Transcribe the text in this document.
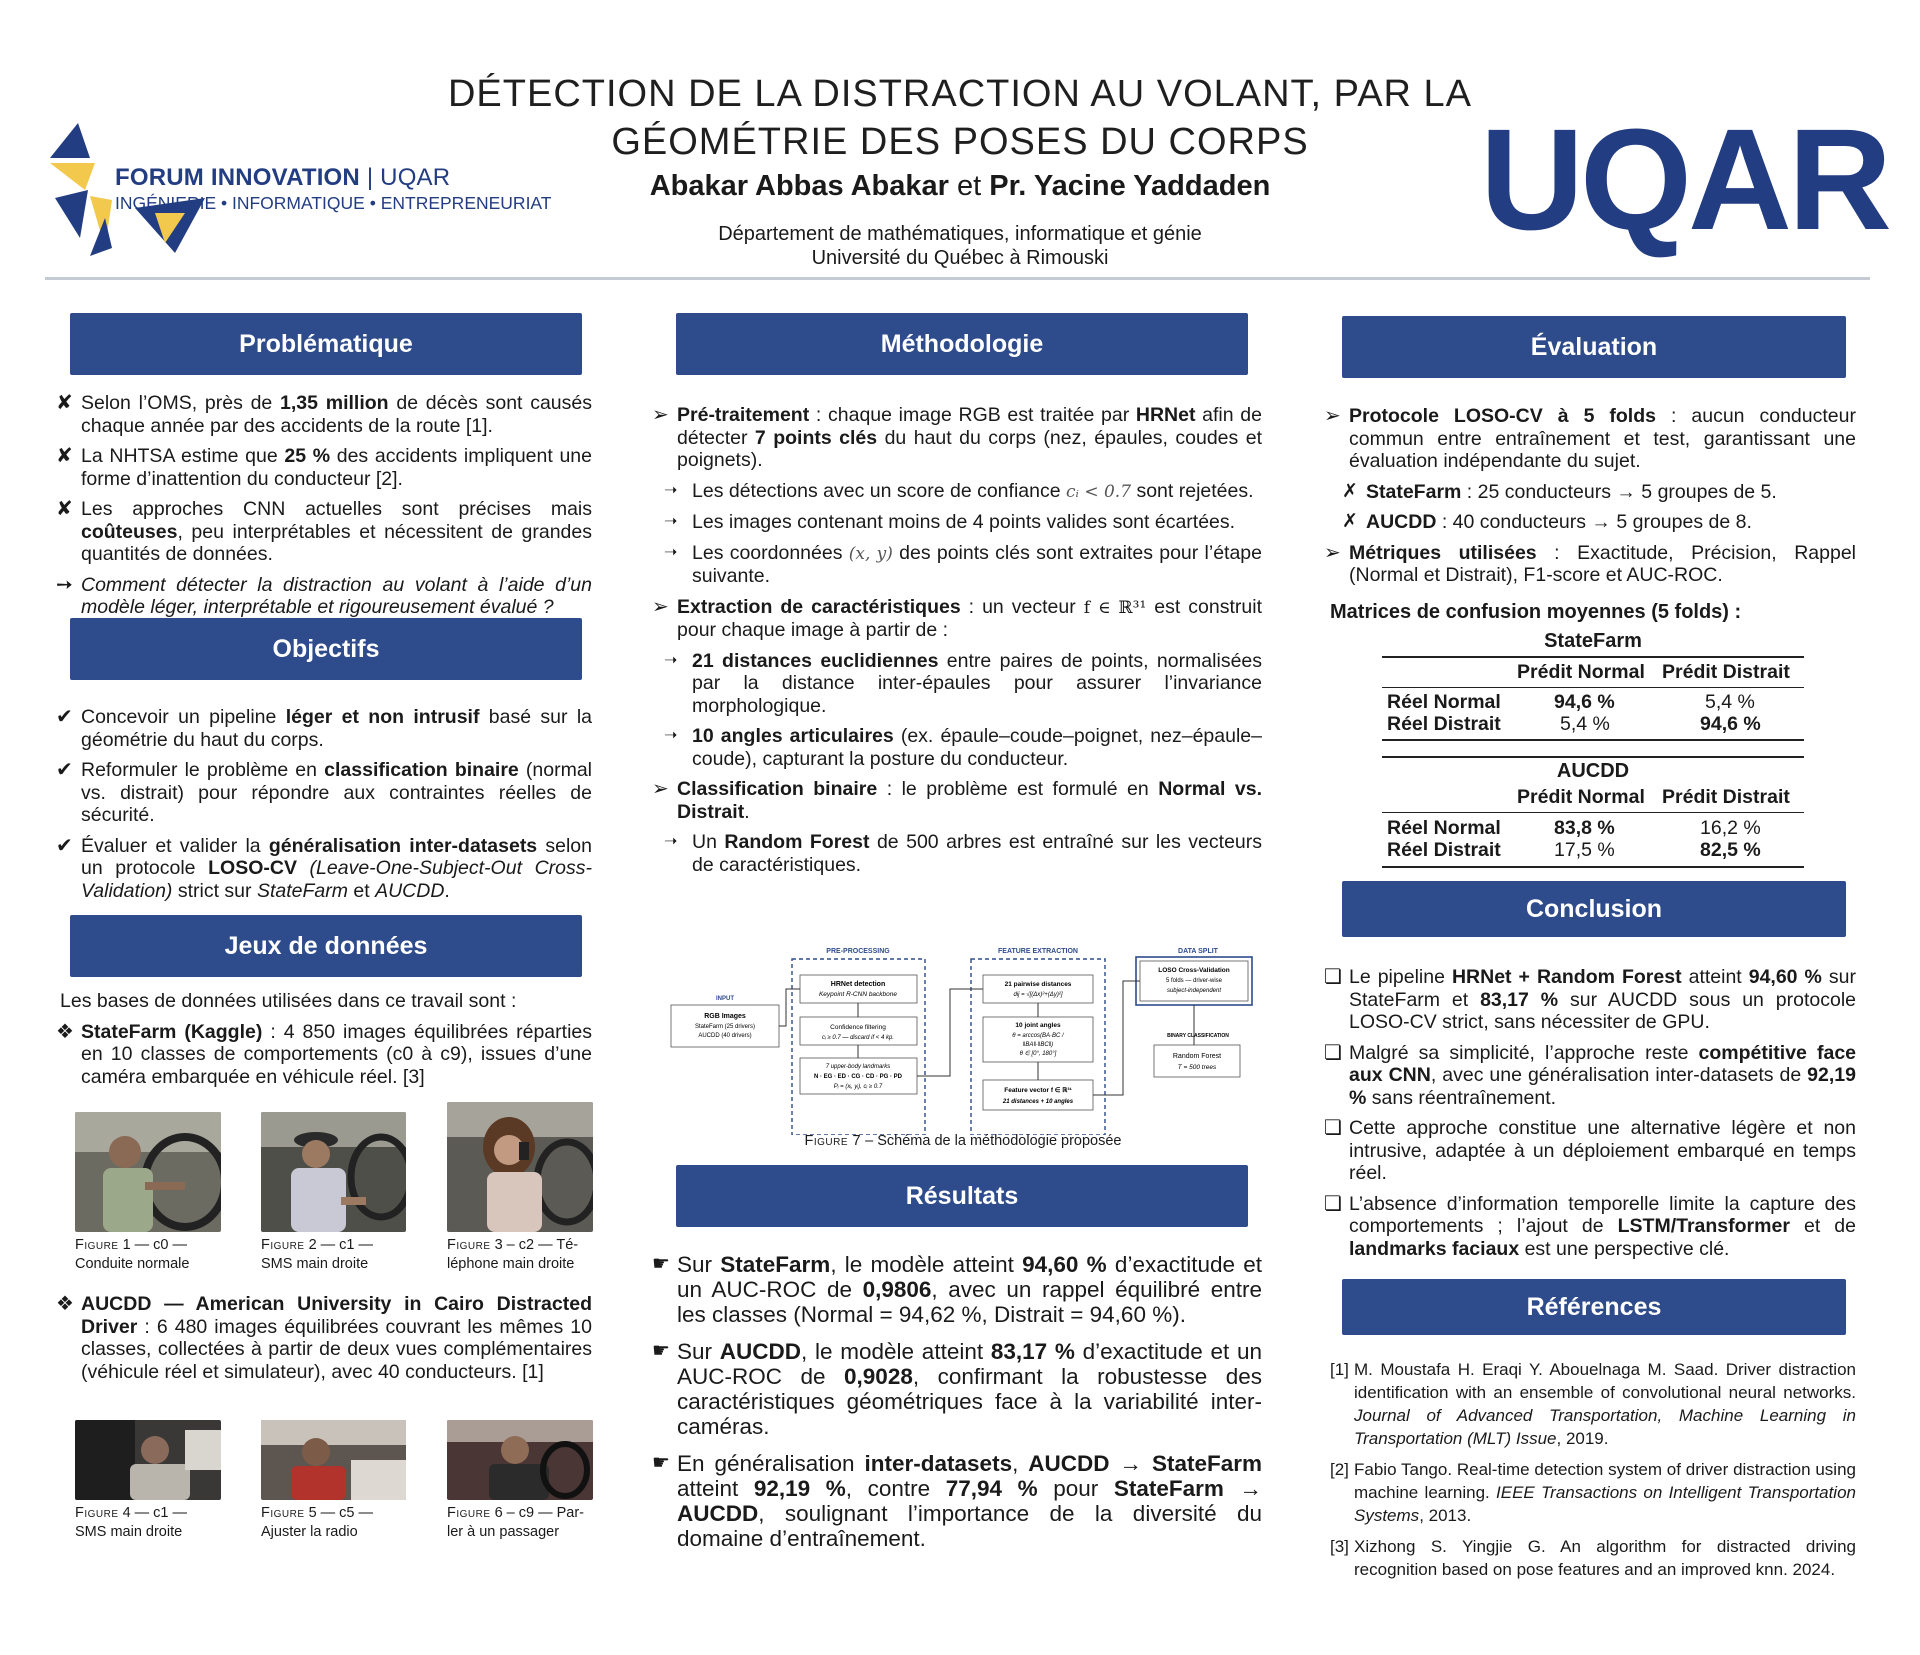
FORUM INNOVATION | UQAR
INGÉNIERIE • INFORMATIQUE • ENTREPRENEURIAT
DÉTECTION DE LA DISTRACTION AU VOLANT, PAR LA
GÉOMÉTRIE DES POSES DU CORPS
Abakar Abbas Abakar et Pr. Yacine Yaddaden
Département de mathématiques, informatique et génie
Université du Québec à Rimouski	UQAR
Problématique
✘ Selon l’OMS, près de 1,35 million de décès sont causés chaque année par des accidents de la route [1].
✘ La NHTSA estime que 25 % des accidents impliquent une forme d’inattention du conducteur [2].
✘ Les approches CNN actuelles sont précises mais coûteuses, peu interprétables et nécessitent de grandes quantités de données.
➙ Comment détecter la distraction au volant à l’aide d’un modèle léger, interprétable et rigoureusement évalué ?
Objectifs
✔ Concevoir un pipeline léger et non intrusif basé sur la géométrie du haut du corps.
✔ Reformuler le problème en classification binaire (normal vs. distrait) pour répondre aux contraintes réelles de sécurité.
✔ Évaluer et valider la généralisation inter-datasets selon un protocole LOSO-CV (Leave-One-Subject-Out Cross-Validation) strict sur StateFarm et AUCDD.
Jeux de données
Les bases de données utilisées dans ce travail sont :
❖ StateFarm (Kaggle) : 4 850 images équilibrées réparties en 10 classes de comportements (c0 à c9), issues d’une caméra embarquée en véhicule réel. [3]
Figure 1 — c0 —
Conduite normale
Figure 2 — c1 —
SMS main droite
Figure 3 – c2 — Té-
léphone main droite
❖ AUCDD — American University in Cairo Distracted Driver : 6 480 images équilibrées couvrant les mêmes 10 classes, collectées à partir de deux vues complémentaires (véhicule réel et simulateur), avec 40 conducteurs. [1]
Figure 4 — c1 —
SMS main droite
Figure 5 — c5 —
Ajuster la radio
Figure 6 – c9 — Par-
ler à un passager
Méthodologie
➢ Pré-traitement : chaque image RGB est traitée par HRNet afin de détecter 7 points clés du haut du corps (nez, épaules, coudes et poignets).
➝ Les détections avec un score de confiance cᵢ < 0.7 sont rejetées.
➝ Les images contenant moins de 4 points valides sont écartées.
➝ Les coordonnées (x, y) des points clés sont extraites pour l’étape suivante.
➢ Extraction de caractéristiques : un vecteur f ∈ ℝ³¹ est construit pour chaque image à partir de :
➝ 21 distances euclidiennes entre paires de points, normalisées par la distance inter-épaules pour assurer l’invariance morphologique.
➝ 10 angles articulaires (ex. épaule–coude–poignet, nez–épaule–coude), capturant la posture du conducteur.
➢ Classification binaire : le problème est formulé en Normal vs. Distrait.
➝ Un Random Forest de 500 arbres est entraîné sur les vecteurs de caractéristiques.
PRE-PROCESSING	FEATURE EXTRACTION	DATA SPLIT
INPUT
RGB Images
StateFarm (25 drivers)
AUCDD (40 drivers)
HRNet detection
Keypoint R-CNN backbone
Confidence filtering
cᵢ ≥ 0.7 — discard if < 4 kp.
7 upper-body landmarks
N · EG · ED · CG · CD · PG · PD
Pᵢ = (xᵢ, yᵢ), cᵢ ≥ 0.7
21 pairwise distances
dij = √[(Δx)²+(Δy)²]
10 joint angles
θ = arccos(BA·BC /
‖BA‖·‖BC‖)
θ ∈ [0°, 180°]
Feature vector f ∈ ℝ³¹
21 distances + 10 angles
LOSO Cross-Validation
5 folds — driver-wise
subject-independent
BINARY CLASSIFICATION
Random Forest
T = 500 trees
Figure 7 – Schéma de la méthodologie proposée
Résultats
☛ Sur StateFarm, le modèle atteint 94,60 % d’exactitude et un AUC-ROC de 0,9806, avec un rappel équilibré entre les classes (Normal = 94,62 %, Distrait = 94,60 %).
☛ Sur AUCDD, le modèle atteint 83,17 % d’exactitude et un AUC-ROC de 0,9028, confirmant la robustesse des caractéristiques géométriques face à la variabilité inter-caméras.
☛ En généralisation inter-datasets, AUCDD → StateFarm atteint 92,19 %, contre 77,94 % pour StateFarm → AUCDD, soulignant l’importance de la diversité du domaine d’entraînement.
Évaluation
➢ Protocole LOSO-CV à 5 folds : aucun conducteur commun entre entraînement et test, garantissant une évaluation indépendante du sujet.
✗ StateFarm : 25 conducteurs → 5 groupes de 5.
✗ AUCDD : 40 conducteurs → 5 groupes de 8.
➢ Métriques utilisées : Exactitude, Précision, Rappel (Normal et Distrait), F1-score et AUC-ROC.
Matrices de confusion moyennes (5 folds) :
StateFarm
Prédit Normal Prédit Distrait
Réel Normal	94,6 %	5,4 %
Réel Distrait	5,4 %	94,6 %
AUCDD
Prédit Normal Prédit Distrait
Réel Normal	83,8 %	16,2 %
Réel Distrait	17,5 %	82,5 %
Conclusion
❏ Le pipeline HRNet + Random Forest atteint 94,60 % sur StateFarm et 83,17 % sur AUCDD sous un protocole LOSO-CV strict, sans nécessiter de GPU.
❏ Malgré sa simplicité, l’approche reste compétitive face aux CNN, avec une généralisation inter-datasets de 92,19 % sans réentraînement.
❏ Cette approche constitue une alternative légère et non intrusive, adaptée à un déploiement embarqué en temps réel.
❏ L’absence d’information temporelle limite la capture des comportements ; l’ajout de LSTM/Transformer et de landmarks faciaux est une perspective clé.
Références
[1] M. Moustafa H. Eraqi Y. Abouelnaga M. Saad. Driver distraction identification with an ensemble of convolutional neural networks. Journal of Advanced Transportation, Machine Learning in Transportation (MLT) Issue, 2019.
[2] Fabio Tango. Real-time detection system of driver distraction using machine learning. IEEE Transactions on Intelligent Transportation Systems, 2013.
[3] Xizhong S. Yingjie G. An algorithm for distracted driving recognition based on pose features and an improved knn. 2024.
